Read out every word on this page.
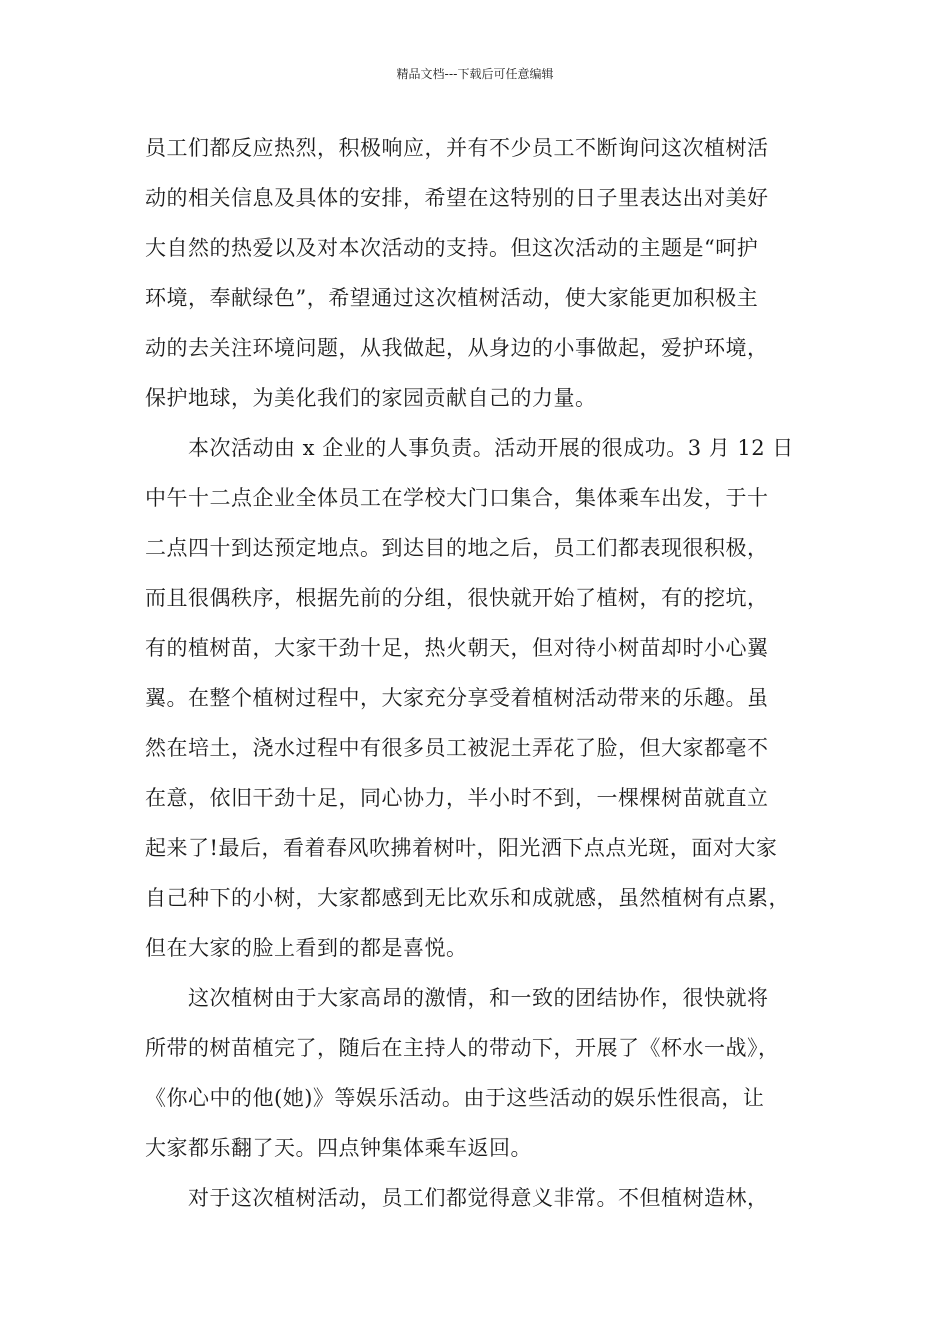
精品文档---下载后可任意编辑
员工们都反应热烈，积极响应，并有不少员工不断询问这次植树活
动的相关信息及具体的安排，希望在这特别的日子里表达出对美好
大自然的热爱以及对本次活动的支持。但这次活动的主题是“呵护
环境，奉献绿色”，希望通过这次植树活动，使大家能更加积极主
动的去关注环境问题，从我做起，从身边的小事做起，爱护环境，
保护地球，为美化我们的家园贡献自己的力量。
　　本次活动由 x 企业的人事负责。活动开展的很成功。3 月 12 日
中午十二点企业全体员工在学校大门口集合，集体乘车出发，于十
二点四十到达预定地点。到达目的地之后，员工们都表现很积极，
而且很偶秩序，根据先前的分组，很快就开始了植树，有的挖坑，
有的植树苗，大家干劲十足，热火朝天，但对待小树苗却时小心翼
翼。在整个植树过程中，大家充分享受着植树活动带来的乐趣。虽
然在培土，浇水过程中有很多员工被泥土弄花了脸，但大家都毫不
在意，依旧干劲十足，同心协力，半小时不到，一棵棵树苗就直立
起来了!最后，看着春风吹拂着树叶，阳光洒下点点光斑，面对大家
自己种下的小树，大家都感到无比欢乐和成就感，虽然植树有点累，
但在大家的脸上看到的都是喜悦。
　　这次植树由于大家高昂的激情，和一致的团结协作，很快就将
所带的树苗植完了，随后在主持人的带动下，开展了《杯水一战》，
《你心中的他(她)》等娱乐活动。由于这些活动的娱乐性很高，让
大家都乐翻了天。四点钟集体乘车返回。
　　对于这次植树活动，员工们都觉得意义非常。不但植树造林，
